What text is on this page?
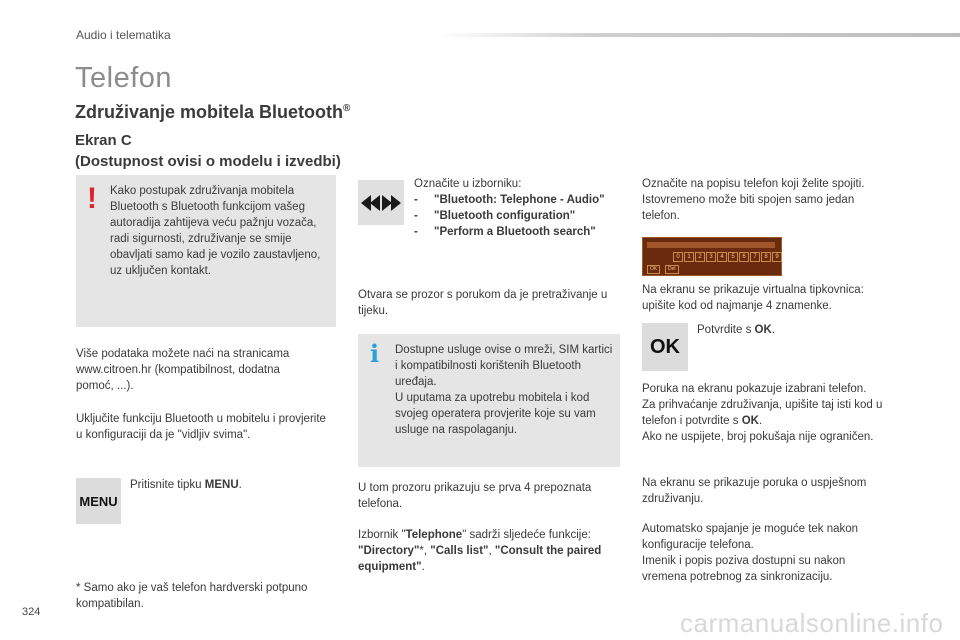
Audio i telematika
Telefon
Združivanje mobitela Bluetooth®
Ekran C
(Dostupnost ovisi o modelu i izvedbi)
! Kako postupak združivanja mobitela Bluetooth s Bluetooth funkcijom vašeg autoradija zahtijeva veću pažnju vozača, radi sigurnosti, združivanje se smije obavljati samo kad je vozilo zaustavljeno, uz uključen kontakt.
Više podataka možete naći na stranicama www.citroen.hr (kompatibilnost, dodatna pomoć, ...).
Uključite funkciju Bluetooth u mobitelu i provjerite u konfiguraciji da je "vidljiv svima".
MENU
Pritisnite tipku MENU.
* Samo ako je vaš telefon hardverski potpuno kompatibilan.
Označite u izborniku:
- "Bluetooth: Telephone - Audio"
- "Bluetooth configuration"
- "Perform a Bluetooth search"
Otvara se prozor s porukom da je pretraživanje u tijeku.
i Dostupne usluge ovise o mreži, SIM kartici i kompatibilnosti korištenih Bluetooth uređaja.
U uputama za upotrebu mobitela i kod svojeg operatera provjerite koje su vam usluge na raspolaganju.
U tom prozoru prikazuju se prva 4 prepoznata telefona.
Izbornik "Telephone" sadrži sljedeće funkcije: "Directory"*, "Calls list", "Consult the paired equipment".
Označite na popisu telefon koji želite spojiti. Istovremeno može biti spojen samo jedan telefon.
0	1	2	3	4	5	6	7	8	9
OK	Del
Na ekranu se prikazuje virtualna tipkovnica: upišite kod od najmanje 4 znamenke.
OK
Potvrdite s OK.
Poruka na ekranu pokazuje izabrani telefon.
Za prihvaćanje združivanja, upišite taj isti kod u telefon i potvrdite s OK.
Ako ne uspijete, broj pokušaja nije ograničen.
Na ekranu se prikazuje poruka o uspješnom združivanju.
Automatsko spajanje je moguće tek nakon konfiguracije telefona.
Imenik i popis poziva dostupni su nakon vremena potrebnog za sinkronizaciju.
324	carmanualsonline.info
